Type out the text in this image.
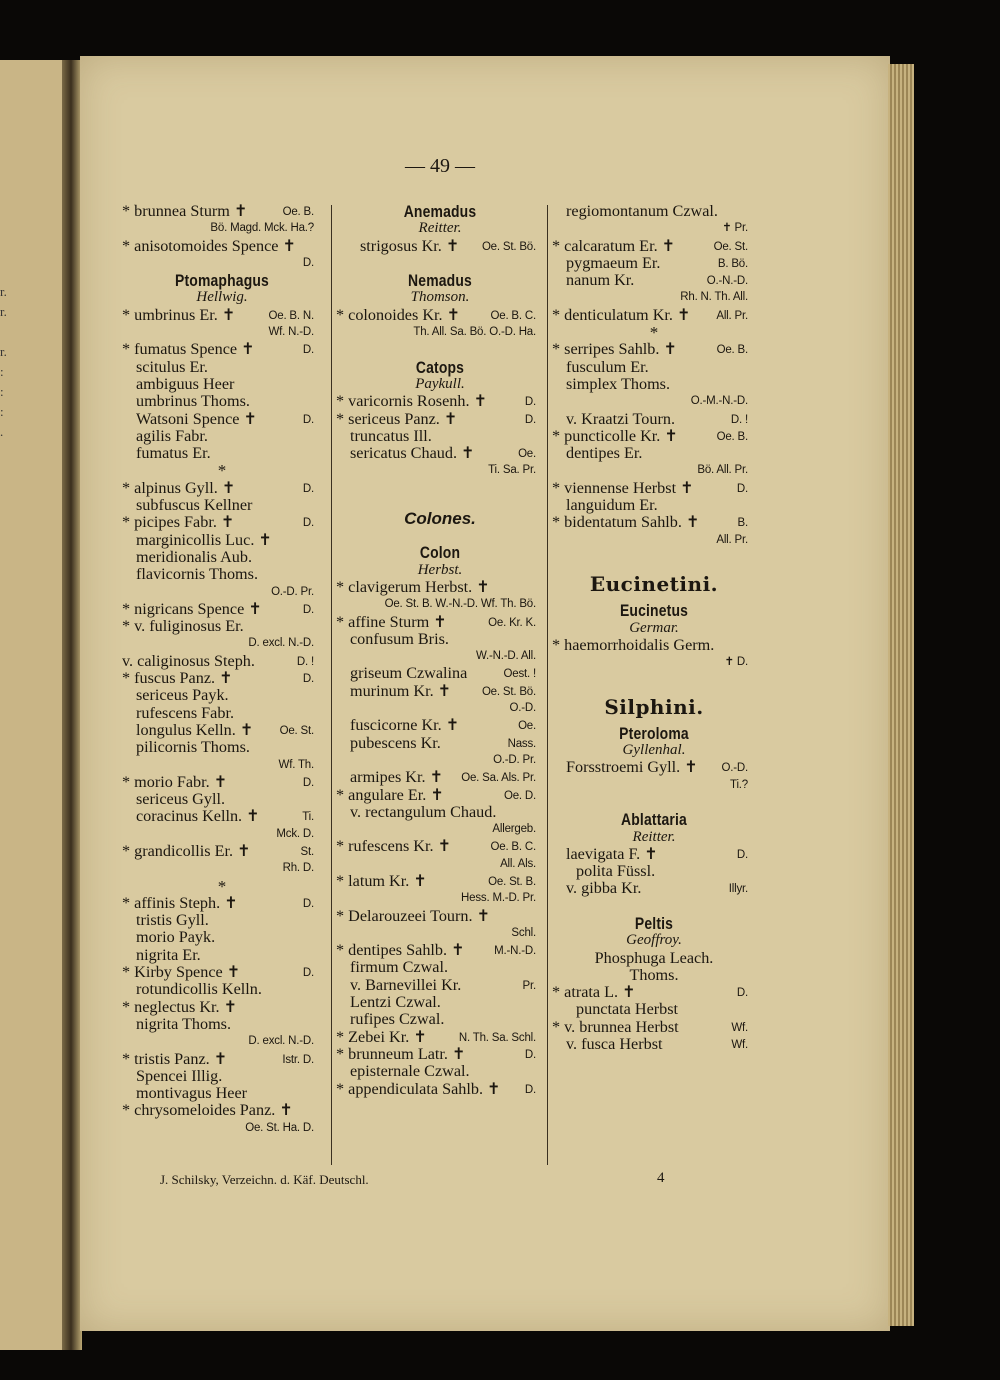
r.
r.

r.
:
:
:
.
— 49 —
* brunnea Sturm ✝	Oe. B.
Bö. Magd. Mck. Ha.?
* anisotomoides Spence ✝
D.
Ptomaphagus
Hellwig.
* umbrinus Er. ✝	Oe. B. N.
Wf. N.-D.
* fumatus Spence ✝	D.
scitulus Er.
ambiguus Heer
umbrinus Thoms.
Watsoni Spence ✝	D.
agilis Fabr.
fumatus Er.
*
* alpinus Gyll. ✝	D.
subfuscus Kellner
* picipes Fabr. ✝	D.
marginicollis Luc. ✝
meridionalis Aub.
flavicornis Thoms.
O.-D. Pr.
* nigricans Spence ✝	D.
* v. fuliginosus Er.
D. excl. N.-D.
v. caliginosus Steph.	D. !
* fuscus Panz. ✝	D.
sericeus Payk.
rufescens Fabr.
longulus Kelln. ✝ Oe. St.
pilicornis Thoms.
Wf. Th.
* morio Fabr. ✝	D.
sericeus Gyll.
coracinus Kelln. ✝	Ti.
Mck. D.
* grandicollis Er. ✝	St.
Rh. D.
*
* affinis Steph. ✝	D.
tristis Gyll.
morio Payk.
nigrita Er.
* Kirby Spence ✝	D.
rotundicollis Kelln.
* neglectus Kr. ✝
nigrita Thoms.
D. excl. N.-D.
* tristis Panz. ✝	Istr. D.
Spencei Illig.
montivagus Heer
* chrysomeloides Panz. ✝
Oe. St. Ha. D.
Anemadus
Reitter.
strigosus Kr. ✝ Oe. St. Bö.
Nemadus
Thomson.
* colonoides Kr. ✝	Oe. B. C.
Th. All. Sa. Bö. O.-D. Ha.
Catops
Paykull.
* varicornis Rosenh. ✝	D.
* sericeus Panz. ✝	D.
truncatus Ill.
sericatus Chaud. ✝	Oe.
Ti. Sa. Pr.
Colones.
Colon
Herbst.
* clavigerum Herbst. ✝
Oe. St. B. W.-N.-D. Wf. Th. Bö.
* affine Sturm ✝	Oe. Kr. K.
confusum Bris.
W.-N.-D. All.
griseum Czwalina	Oest. !
murinum Kr. ✝	Oe. St. Bö.
O.-D.
fuscicorne Kr. ✝	Oe.
pubescens Kr.	Nass.
O.-D. Pr.
armipes Kr. ✝ Oe. Sa. Als. Pr.
* angulare Er. ✝	Oe. D.
v. rectangulum Chaud.
Allergeb.
* rufescens Kr. ✝	Oe. B. C.
All. Als.
* latum Kr. ✝	Oe. St. B.
Hess. M.-D. Pr.
* Delarouzeei Tourn. ✝
Schl.
* dentipes Sahlb. ✝	M.-N.-D.
firmum Czwal.
v. Barnevillei Kr.	Pr.
Lentzi Czwal.
rufipes Czwal.
* Zebei Kr. ✝	N. Th. Sa. Schl.
* brunneum Latr. ✝	D.
episternale Czwal.
* appendiculata Sahlb. ✝ D.
regiomontanum Czwal.
✝ Pr.
* calcaratum Er. ✝	Oe. St.
pygmaeum Er.	B. Bö.
nanum Kr.	O.-N.-D.
Rh. N. Th. All.
* denticulatum Kr. ✝ All. Pr.
*
* serripes Sahlb. ✝	Oe. B.
fusculum Er.
simplex Thoms.
O.-M.-N.-D.
v. Kraatzi Tourn.	D. !
* puncticolle Kr. ✝	Oe. B.
dentipes Er.
Bö. All. Pr.
* viennense Herbst ✝	D.
languidum Er.
* bidentatum Sahlb. ✝	B.
All. Pr.
Eucinetini.
Eucinetus
Germar.
* haemorrhoidalis Germ.
✝ D.
Silphini.
Pteroloma
Gyllenhal.
Forsstroemi Gyll. ✝ O.-D.
Ti.?
Ablattaria
Reitter.
laevigata F. ✝	D.
polita Füssl.
v. gibba Kr.	Illyr.
Peltis
Geoffroy.
Phosphuga Leach.
Thoms.
* atrata L. ✝	D.
punctata Herbst
* v. brunnea Herbst	Wf.
v. fusca Herbst	Wf.
J. Schilsky, Verzeichn. d. Käf. Deutschl.	4
